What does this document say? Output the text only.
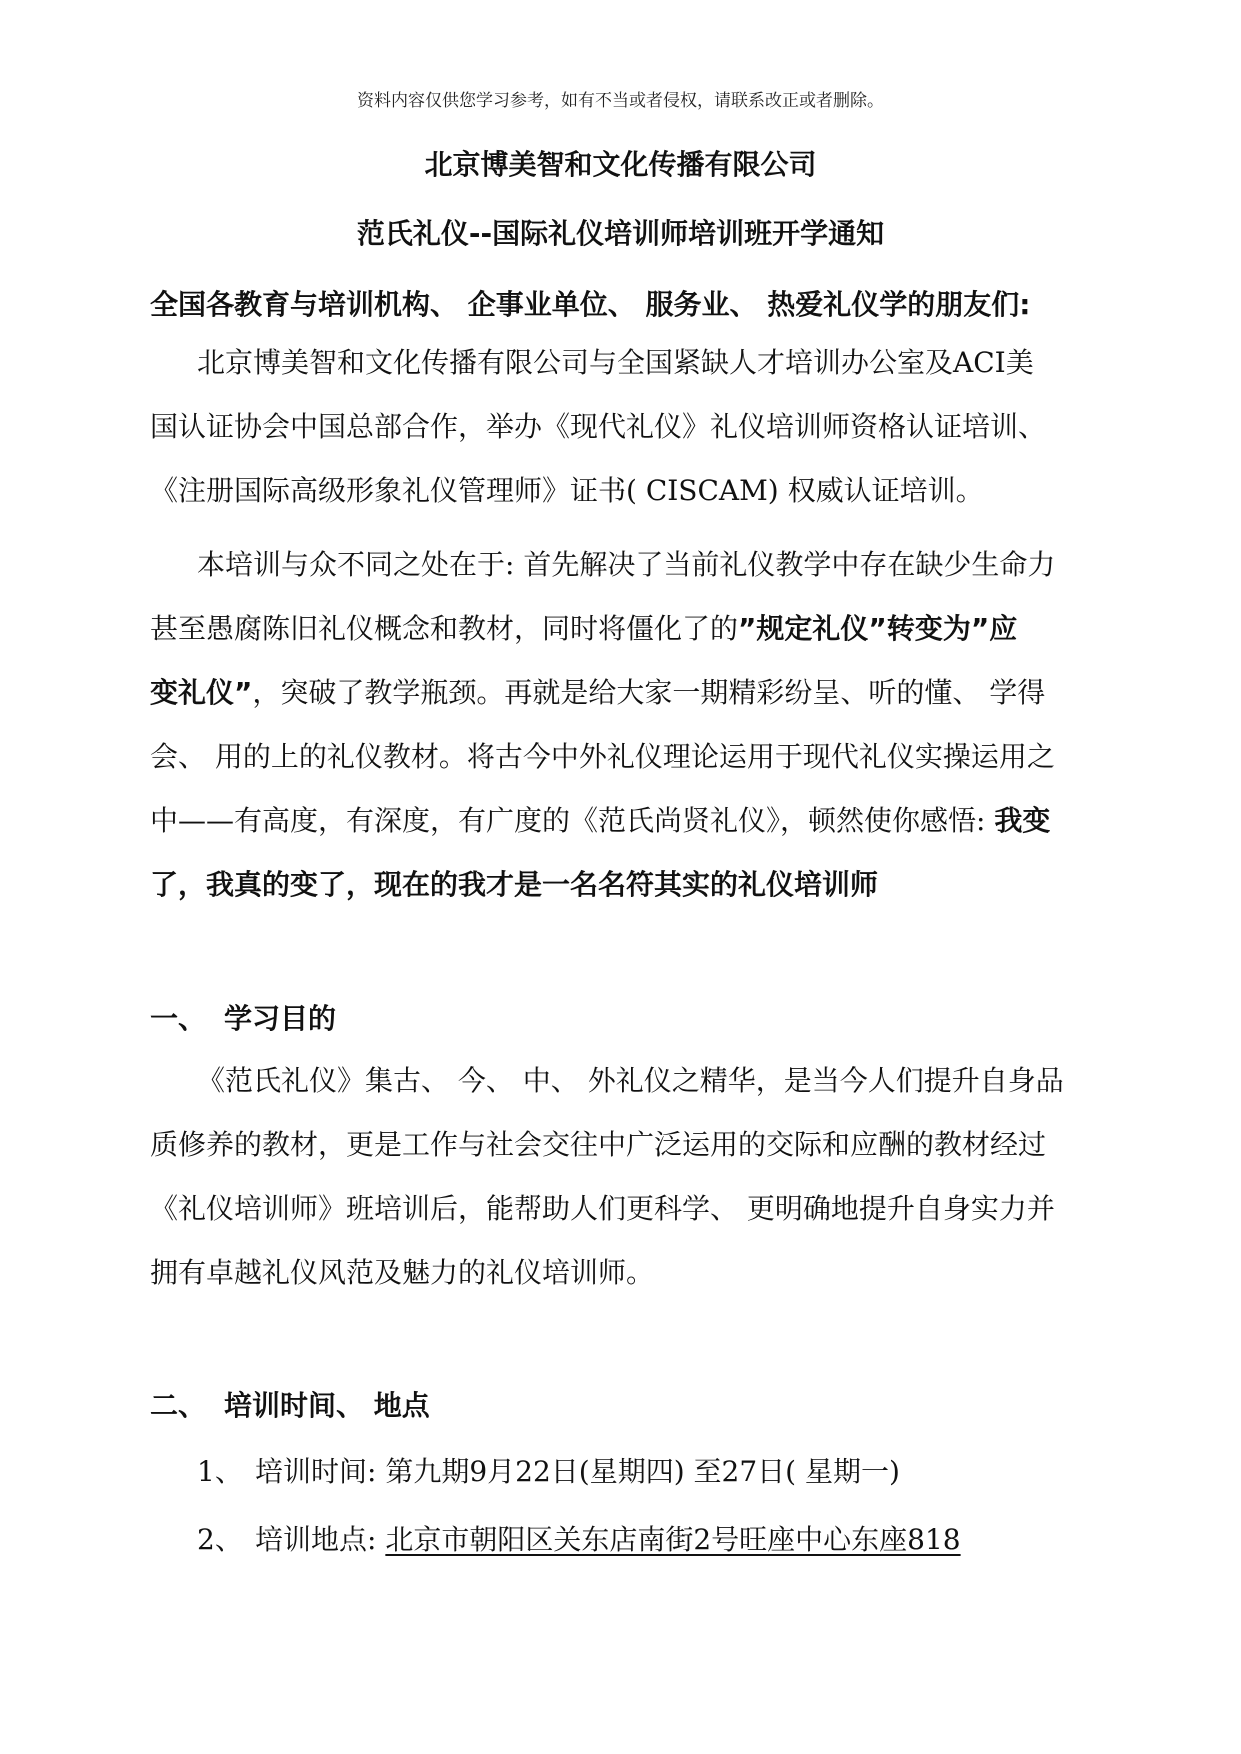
资料内容仅供您学习参考，如有不当或者侵权，请联系改正或者删除。
北京博美智和文化传播有限公司
范氏礼仪--国际礼仪培训师培训班开学通知
全国各教育与培训机构、 企事业单位、 服务业、 热爱礼仪学的朋友们:
北京博美智和文化传播有限公司与全国紧缺人才培训办公室及ACI美
国认证协会中国总部合作，举办《现代礼仪》礼仪培训师资格认证培训、
《注册国际高级形象礼仪管理师》证书( CISCAM) 权威认证培训。
本培训与众不同之处在于: 首先解决了当前礼仪教学中存在缺少生命力
甚至愚腐陈旧礼仪概念和教材，同时将僵化了的”规定礼仪”转变为”应
变礼仪”，突破了教学瓶颈。再就是给大家一期精彩纷呈、听的懂、 学得
会、 用的上的礼仪教材。将古今中外礼仪理论运用于现代礼仪实操运用之
中——有高度，有深度，有广度的《范氏尚贤礼仪》，顿然使你感悟: 我变
了，我真的变了，现在的我才是一名名符其实的礼仪培训师
一、 学习目的
《范氏礼仪》集古、 今、 中、 外礼仪之精华，是当今人们提升自身品
质修养的教材，更是工作与社会交往中广泛运用的交际和应酬的教材经过
《礼仪培训师》班培训后，能帮助人们更科学、 更明确地提升自身实力并
拥有卓越礼仪风范及魅力的礼仪培训师。
二、 培训时间、 地点
1、 培训时间: 第九期9月22日(星期四) 至27日( 星期一)
2、 培训地点: 北京市朝阳区关东店南街2号旺座中心东座818
